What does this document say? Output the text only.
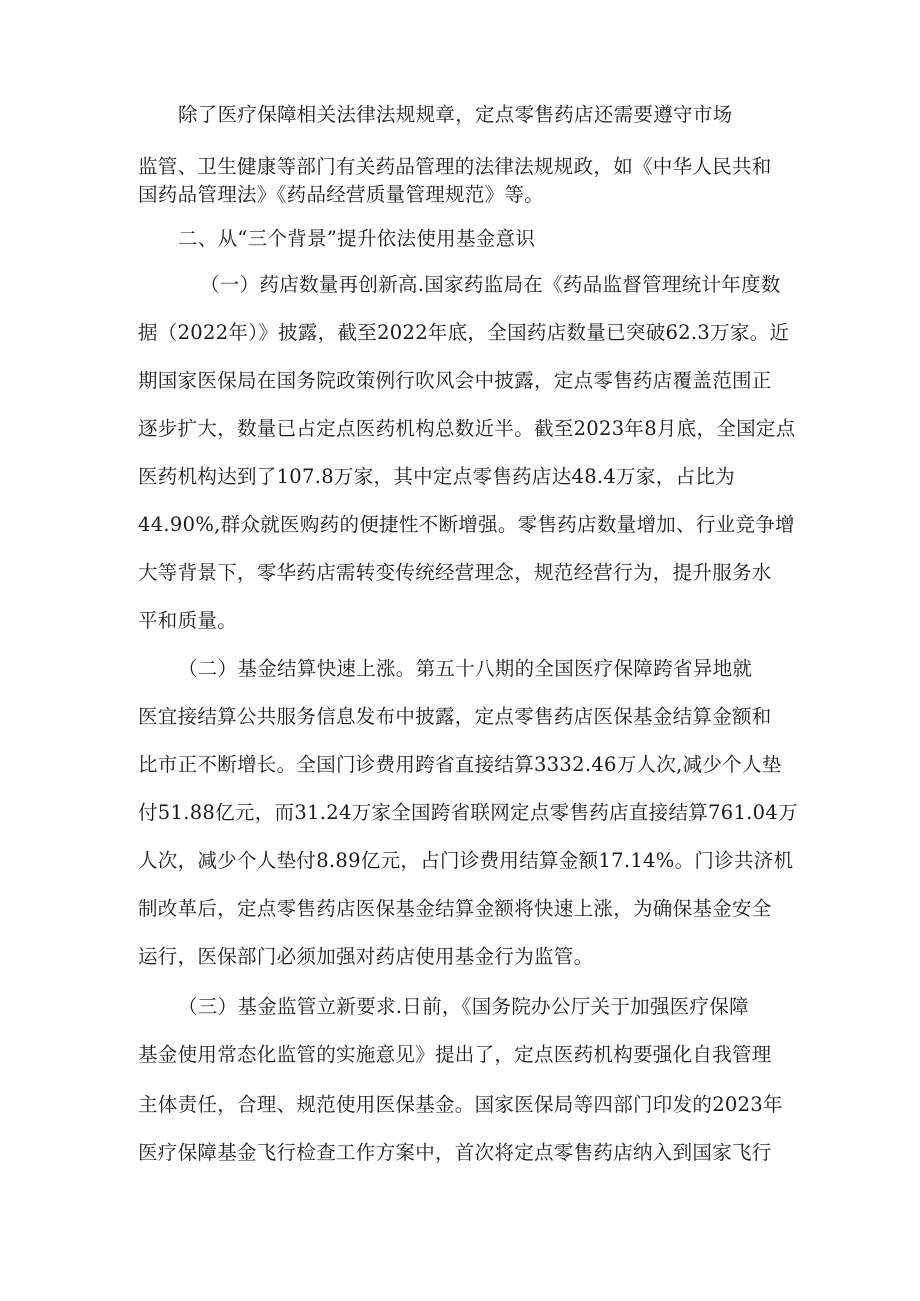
除了医疗保障相关法律法规规章，定点零售药店还需要遵守市场
监管、卫生健康等部门有关药品管理的法律法规规政，如《中华人民共和
国药品管理法》《药品经营质量管理规范》等。
二、从“三个背景”提升依法使用基金意识
（一）药店数量再创新高.国家药监局在《药品监督管理统计年度数
据（2022年）》披露，截至2022年底，全国药店数量已突破62.3万家。近
期国家医保局在国务院政策例行吹风会中披露，定点零售药店覆盖范围正
逐步扩大，数量已占定点医药机构总数近半。截至2023年8月底，全国定点
医药机构达到了107.8万家，其中定点零售药店达48.4万家，占比为
44.90%,群众就医购药的便捷性不断增强。零售药店数量增加、行业竞争增
大等背景下，零华药店需转变传统经营理念，规范经营行为，提升服务水
平和质量。
（二）基金结算快速上涨。第五十八期的全国医疗保障跨省异地就
医宜接结算公共服务信息发布中披露，定点零售药店医保基金结算金额和
比市正不断增长。全国门诊费用跨省直接结算3332.46万人次,减少个人垫
付51.88亿元，而31.24万家全国跨省联网定点零售药店直接结算761.04万
人次，减少个人垫付8.89亿元，占门诊费用结算金额17.14%。门诊共济机
制改革后，定点零售药店医保基金结算金额将快速上涨，为确保基金安全
运行，医保部门必须加强对药店使用基金行为监管。
（三）基金监管立新要求.日前，《国务院办公厅关于加强医疗保障
基金使用常态化监管的实施意见》提出了，定点医药机构要强化自我管理
主体责任，合理、规范使用医保基金。国家医保局等四部门印发的2023年
医疗保障基金飞行检查工作方案中，首次将定点零售药店纳入到国家飞行
